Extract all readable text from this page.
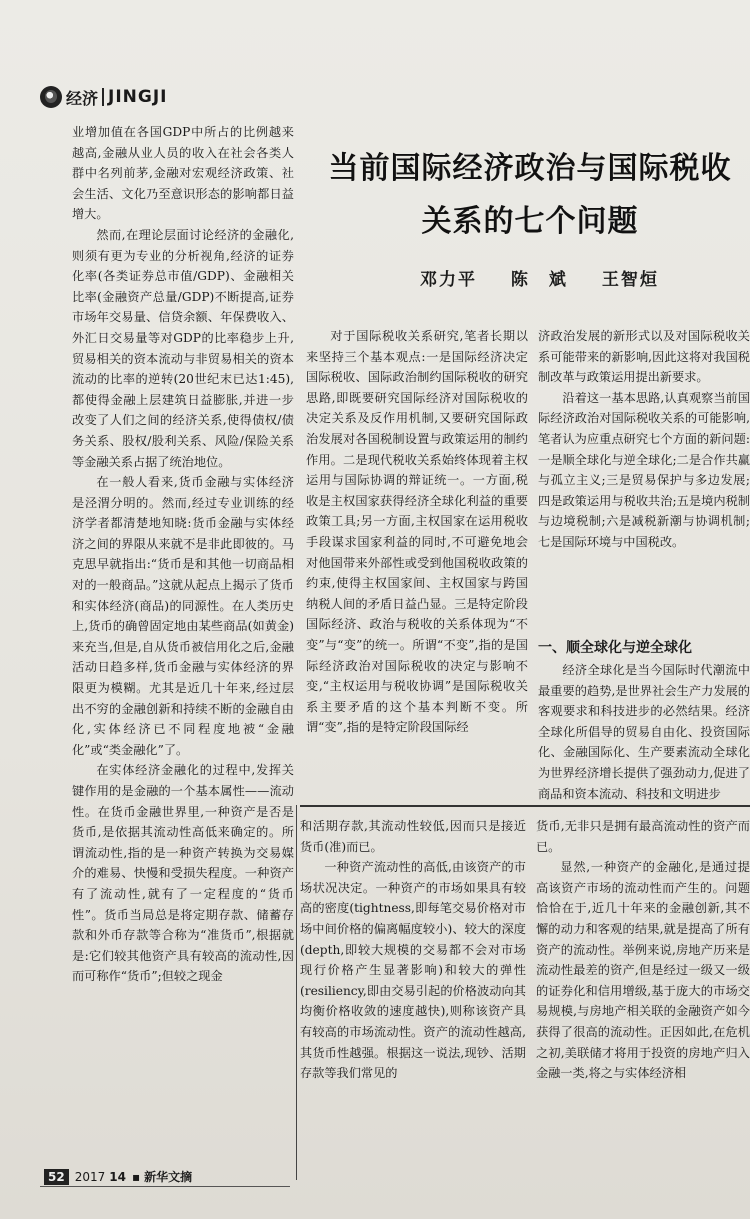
经济 JINGJI
当前国际经济政治与国际税收
关系的七个问题
邓力平 陈　斌 王智烜

业增加值在各国GDP中所占的比例越来越高,金融从业人员的收入在社会各类人群中名列前茅,金融对宏观经济政策、社会生活、文化乃至意识形态的影响都日益增大。

然而,在理论层面讨论经济的金融化,则须有更为专业的分析视角,经济的证券化率(各类证券总市值/GDP)、金融相关比率(金融资产总量/GDP)不断提高,证券市场年交易量、信贷余额、年保费收入、外汇日交易量等对GDP的比率稳步上升,贸易相关的资本流动与非贸易相关的资本流动的比率的逆转(20世纪末已达1:45),都使得金融上层建筑日益膨胀,并进一步改变了人们之间的经济关系,使得债权/债务关系、股权/股利关系、风险/保险关系等金融关系占据了统治地位。

在一般人看来,货币金融与实体经济是泾渭分明的。然而,经过专业训练的经济学者都清楚地知晓:货币金融与实体经济之间的界限从来就不是非此即彼的。马克思早就指出:“货币是和其他一切商品相对的一般商品。”这就从起点上揭示了货币和实体经济(商品)的同源性。在人类历史上,货币的确曾固定地由某些商品(如黄金)来充当,但是,自从货币被信用化之后,金融活动日趋多样,货币金融与实体经济的界限更为模糊。尤其是近几十年来,经过层出不穷的金融创新和持续不断的金融自由化,实体经济已不同程度地被“金融化”或“类金融化”了。

在实体经济金融化的过程中,发挥关键作用的是金融的一个基本属性——流动性。在货币金融世界里,一种资产是否是货币,是依据其流动性高低来确定的。所谓流动性,指的是一种资产转换为交易媒介的难易、快慢和受损失程度。一种资产有了流动性,就有了一定程度的“货币性”。货币当局总是将定期存款、储蓄存款和外币存款等合称为“准货币”,根据就是:它们较其他资产具有较高的流动性,因而可称作“货币”;但较之现金

对于国际税收关系研究,笔者长期以来坚持三个基本观点:一是国际经济决定国际税收、国际政治制约国际税收的研究思路,即既要研究国际经济对国际税收的决定关系及反作用机制,又要研究国际政治发展对各国税制设置与政策运用的制约作用。二是现代税收关系始终体现着主权运用与国际协调的辩证统一。一方面,税收是主权国家获得经济全球化利益的重要政策工具;另一方面,主权国家在运用税收手段谋求国家利益的同时,不可避免地会对他国带来外部性或受到他国税收政策的约束,使得主权国家间、主权国家与跨国纳税人间的矛盾日益凸显。三是特定阶段国际经济、政治与税收的关系体现为“不变”与“变”的统一。所谓“不变”,指的是国际经济政治对国际税收的决定与影响不变,“主权运用与税收协调”是国际税收关系主要矛盾的这个基本判断不变。所谓“变”,指的是特定阶段国际经

济政治发展的新形式以及对国际税收关系可能带来的新影响,因此这将对我国税制改革与政策运用提出新要求。

沿着这一基本思路,认真观察当前国际经济政治对国际税收关系的可能影响,笔者认为应重点研究七个方面的新问题:一是顺全球化与逆全球化;二是合作共赢与孤立主义;三是贸易保护与多边发展;四是政策运用与税收共治;五是境内税制与边境税制;六是减税新潮与协调机制;七是国际环境与中国税改。

一、顺全球化与逆全球化

经济全球化是当今国际时代潮流中最重要的趋势,是世界社会生产力发展的客观要求和科技进步的必然结果。经济全球化所倡导的贸易自由化、投资国际化、金融国际化、生产要素流动全球化为世界经济增长提供了强劲动力,促进了商品和资本流动、科技和文明进步

和活期存款,其流动性较低,因而只是接近货币(准)而已。

一种资产流动性的高低,由该资产的市场状况决定。一种资产的市场如果具有较高的密度(tightness,即每笔交易价格对市场中间价格的偏离幅度较小)、较大的深度(depth,即较大规模的交易都不会对市场现行价格产生显著影响)和较大的弹性(resiliency,即由交易引起的价格波动向其均衡价格收敛的速度越快),则称该资产具有较高的市场流动性。资产的流动性越高,其货币性越强。根据这一说法,现钞、活期存款等我们常见的

货币,无非只是拥有最高流动性的资产而已。

显然,一种资产的金融化,是通过提高该资产市场的流动性而产生的。问题恰恰在于,近几十年来的金融创新,其不懈的动力和客观的结果,就是提高了所有资产的流动性。举例来说,房地产历来是流动性最差的资产,但是经过一级又一级的证券化和信用增级,基于庞大的市场交易规模,与房地产相关联的金融资产如今获得了很高的流动性。正因如此,在危机之初,美联储才将用于投资的房地产归入金融一类,将之与实体经济相

52 2017 14 ▪ 新华文摘
